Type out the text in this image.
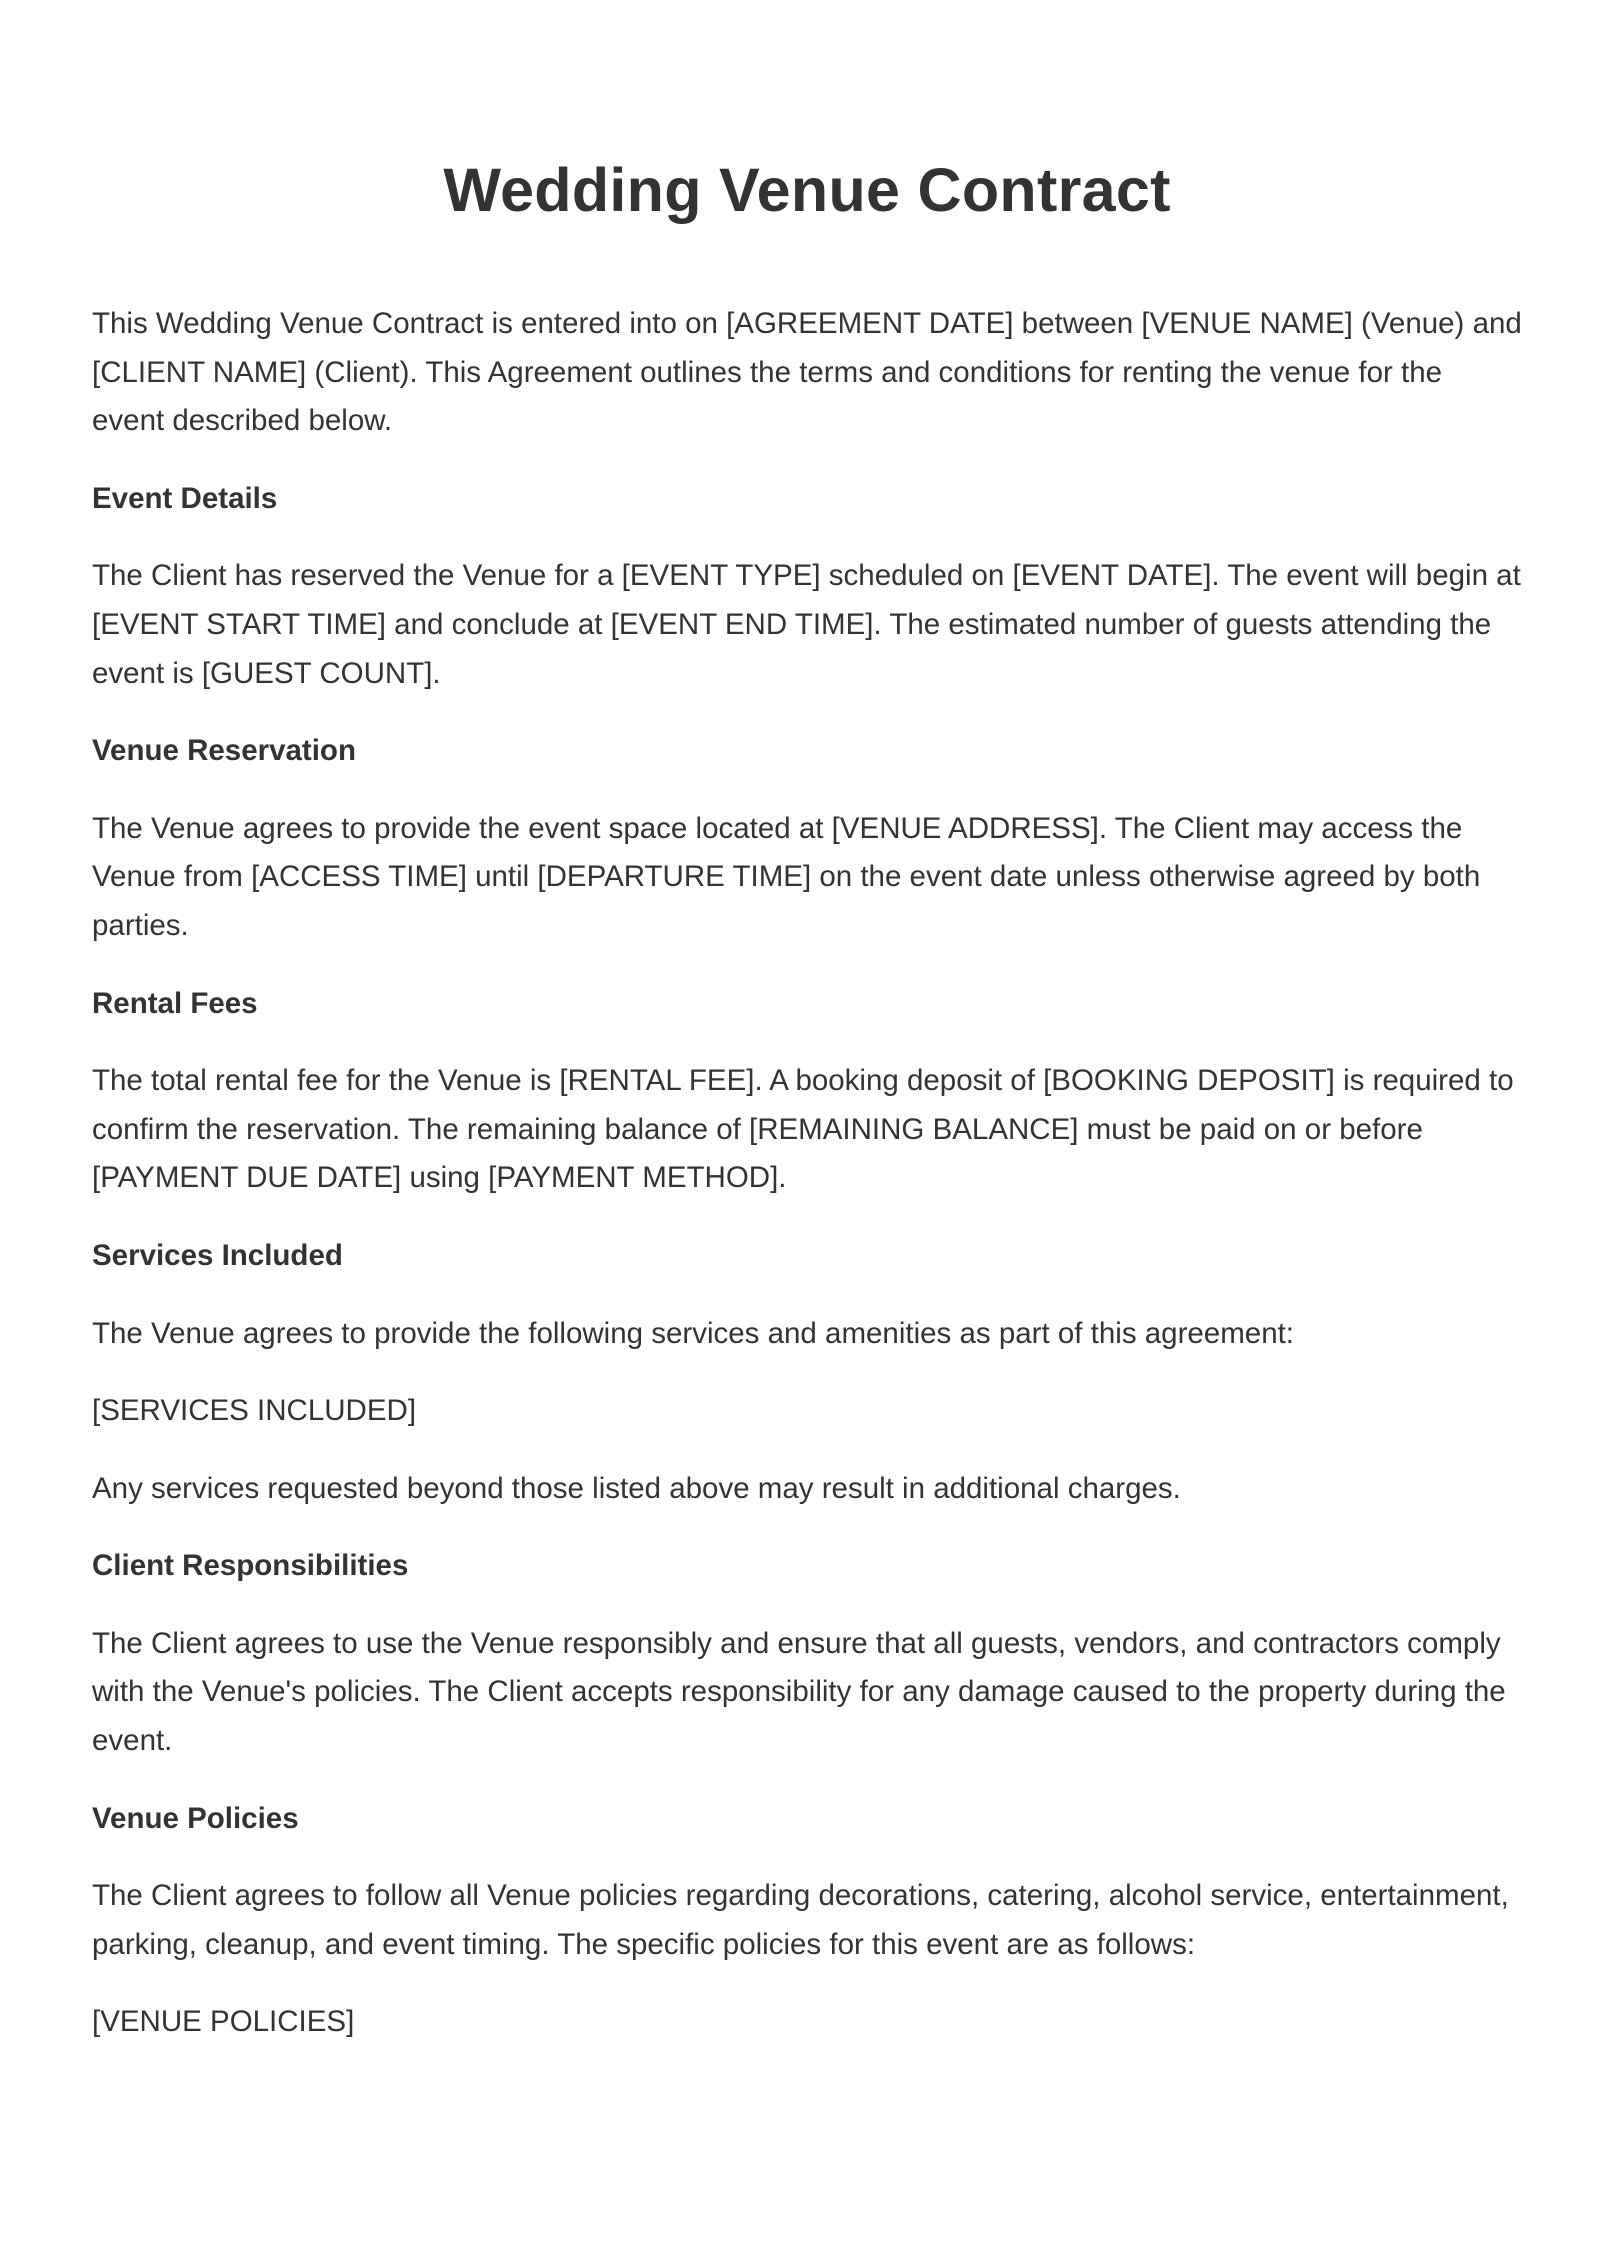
Wedding Venue Contract

This Wedding Venue Contract is entered into on [AGREEMENT DATE] between [VENUE NAME] (Venue) and [CLIENT NAME] (Client). This Agreement outlines the terms and conditions for renting the venue for the event described below.

Event Details

The Client has reserved the Venue for a [EVENT TYPE] scheduled on [EVENT DATE]. The event will begin at [EVENT START TIME] and conclude at [EVENT END TIME]. The estimated number of guests attending the event is [GUEST COUNT].

Venue Reservation

The Venue agrees to provide the event space located at [VENUE ADDRESS]. The Client may access the Venue from [ACCESS TIME] until [DEPARTURE TIME] on the event date unless otherwise agreed by both parties.

Rental Fees

The total rental fee for the Venue is [RENTAL FEE]. A booking deposit of [BOOKING DEPOSIT] is required to confirm the reservation. The remaining balance of [REMAINING BALANCE] must be paid on or before [PAYMENT DUE DATE] using [PAYMENT METHOD].

Services Included

The Venue agrees to provide the following services and amenities as part of this agreement:

[SERVICES INCLUDED]

Any services requested beyond those listed above may result in additional charges.

Client Responsibilities

The Client agrees to use the Venue responsibly and ensure that all guests, vendors, and contractors comply with the Venue's policies. The Client accepts responsibility for any damage caused to the property during the event.

Venue Policies

The Client agrees to follow all Venue policies regarding decorations, catering, alcohol service, entertainment, parking, cleanup, and event timing. The specific policies for this event are as follows:

[VENUE POLICIES]
